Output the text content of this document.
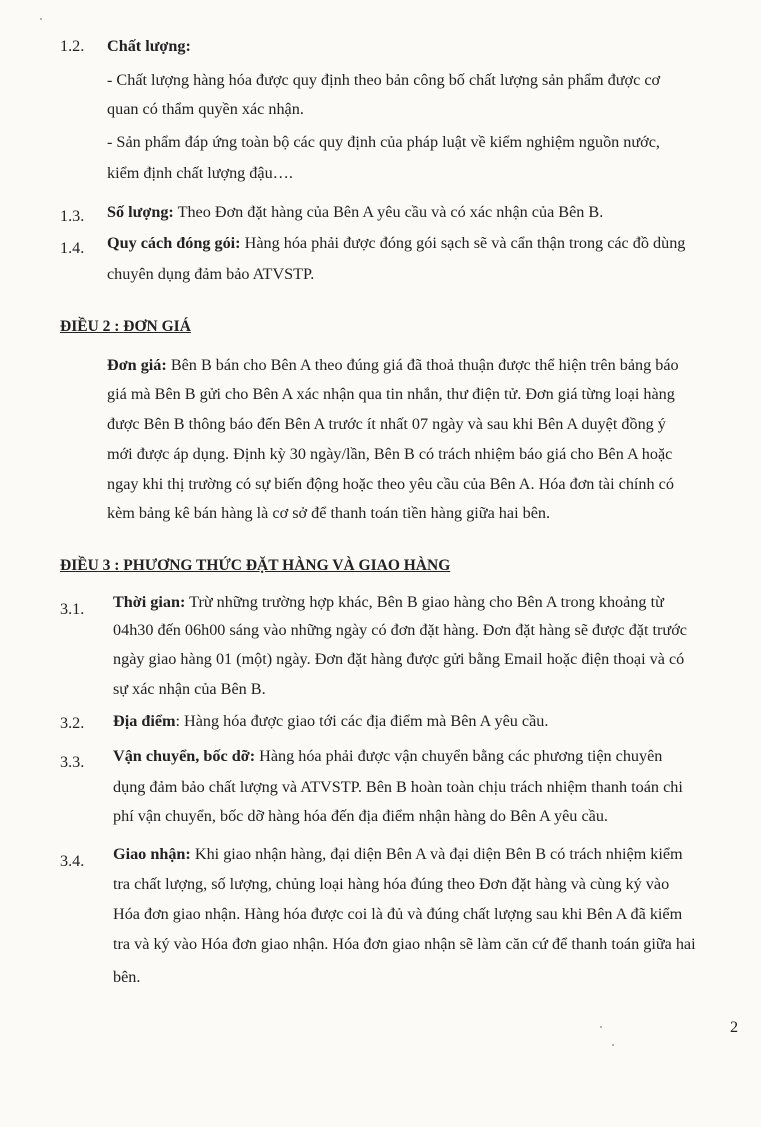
1.2. Chất lượng:
- Chất lượng hàng hóa được quy định theo bản công bố chất lượng sản phẩm được cơ
quan có thẩm quyền xác nhận.
- Sản phẩm đáp ứng toàn bộ các quy định của pháp luật về kiểm nghiệm nguồn nước,
kiểm định chất lượng đậu….
1.3. Số lượng: Theo Đơn đặt hàng của Bên A yêu cầu và có xác nhận của Bên B.
1.4. Quy cách đóng gói: Hàng hóa phải được đóng gói sạch sẽ và cẩn thận trong các đồ dùng
chuyên dụng đảm bảo ATVSTP.
ĐIỀU 2 : ĐƠN GIÁ
Đơn giá: Bên B bán cho Bên A theo đúng giá đã thoả thuận được thể hiện trên bảng báo
giá mà Bên B gửi cho Bên A xác nhận qua tin nhắn, thư điện tử. Đơn giá từng loại hàng
được Bên B thông báo đến Bên A trước ít nhất 07 ngày và sau khi Bên A duyệt đồng ý
mới được áp dụng. Định kỳ 30 ngày/lần, Bên B có trách nhiệm báo giá cho Bên A hoặc
ngay khi thị trường có sự biến động hoặc theo yêu cầu của Bên A. Hóa đơn tài chính có
kèm bảng kê bán hàng là cơ sở để thanh toán tiền hàng giữa hai bên.
ĐIỀU 3 : PHƯƠNG THỨC ĐẶT HÀNG VÀ GIAO HÀNG
3.1. Thời gian: Trừ những trường hợp khác, Bên B giao hàng cho Bên A trong khoảng từ
04h30 đến 06h00 sáng vào những ngày có đơn đặt hàng. Đơn đặt hàng sẽ được đặt trước
ngày giao hàng 01 (một) ngày. Đơn đặt hàng được gửi bằng Email hoặc điện thoại và có
sự xác nhận của Bên B.
3.2. Địa điểm: Hàng hóa được giao tới các địa điểm mà Bên A yêu cầu.
3.3. Vận chuyển, bốc dỡ: Hàng hóa phải được vận chuyển bằng các phương tiện chuyên
dụng đảm bảo chất lượng và ATVSTP. Bên B hoàn toàn chịu trách nhiệm thanh toán chi
phí vận chuyển, bốc dỡ hàng hóa đến địa điểm nhận hàng do Bên A yêu cầu.
3.4. Giao nhận: Khi giao nhận hàng, đại diện Bên A và đại diện Bên B có trách nhiệm kiểm
tra chất lượng, số lượng, chủng loại hàng hóa đúng theo Đơn đặt hàng và cùng ký vào
Hóa đơn giao nhận. Hàng hóa được coi là đủ và đúng chất lượng sau khi Bên A đã kiểm
tra và ký vào Hóa đơn giao nhận. Hóa đơn giao nhận sẽ làm căn cứ để thanh toán giữa hai
bên.
2
